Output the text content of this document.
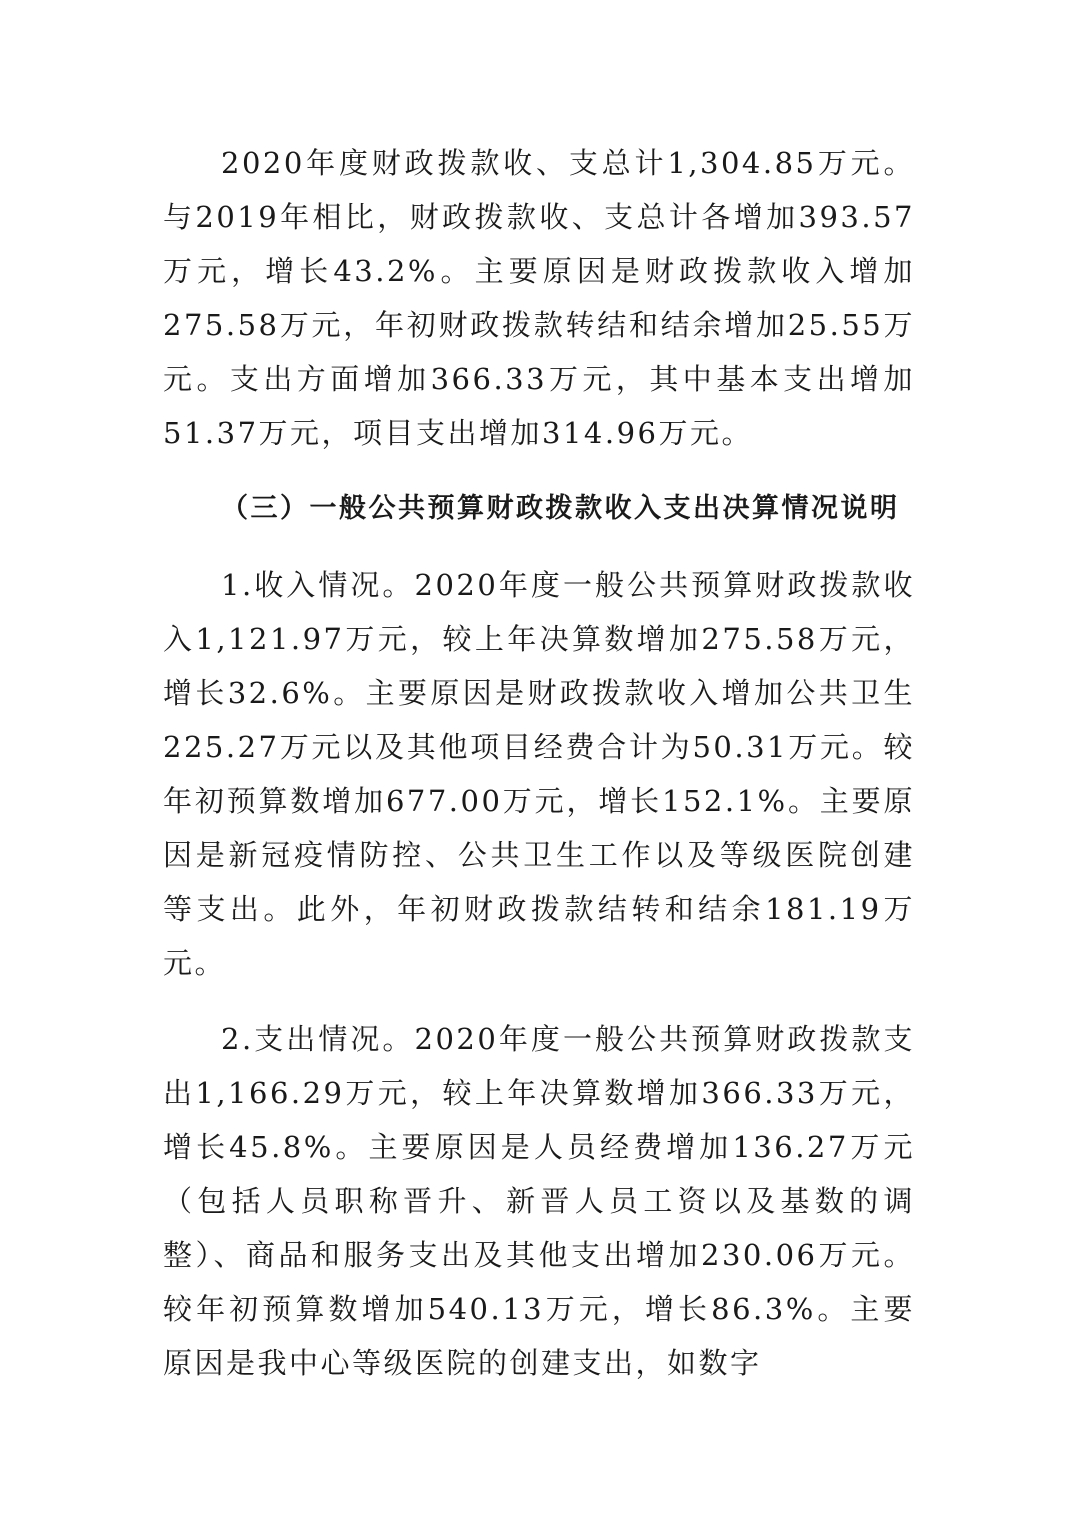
2020年度财政拨款收、支总计1,304.85万元。与2019年相比，财政拨款收、支总计各增加393.57万元，增长43.2%。主要原因是财政拨款收入增加275.58万元，年初财政拨款转结和结余增加25.55万元。支出方面增加366.33万元，其中基本支出增加51.37万元，项目支出增加314.96万元。

（三）一般公共预算财政拨款收入支出决算情况说明

1.收入情况。2020年度一般公共预算财政拨款收入1,121.97万元，较上年决算数增加275.58万元，增长32.6%。主要原因是财政拨款收入增加公共卫生225.27万元以及其他项目经费合计为50.31万元。较年初预算数增加677.00万元，增长152.1%。主要原因是新冠疫情防控、公共卫生工作以及等级医院创建等支出。此外，年初财政拨款结转和结余181.19万元。

2.支出情况。2020年度一般公共预算财政拨款支出1,166.29万元，较上年决算数增加366.33万元，增长45.8%。主要原因是人员经费增加136.27万元（包括人员职称晋升、新晋人员工资以及基数的调整）、商品和服务支出及其他支出增加230.06万元。较年初预算数增加540.13万元，增长86.3%。主要原因是我中心等级医院的创建支出，如数字
